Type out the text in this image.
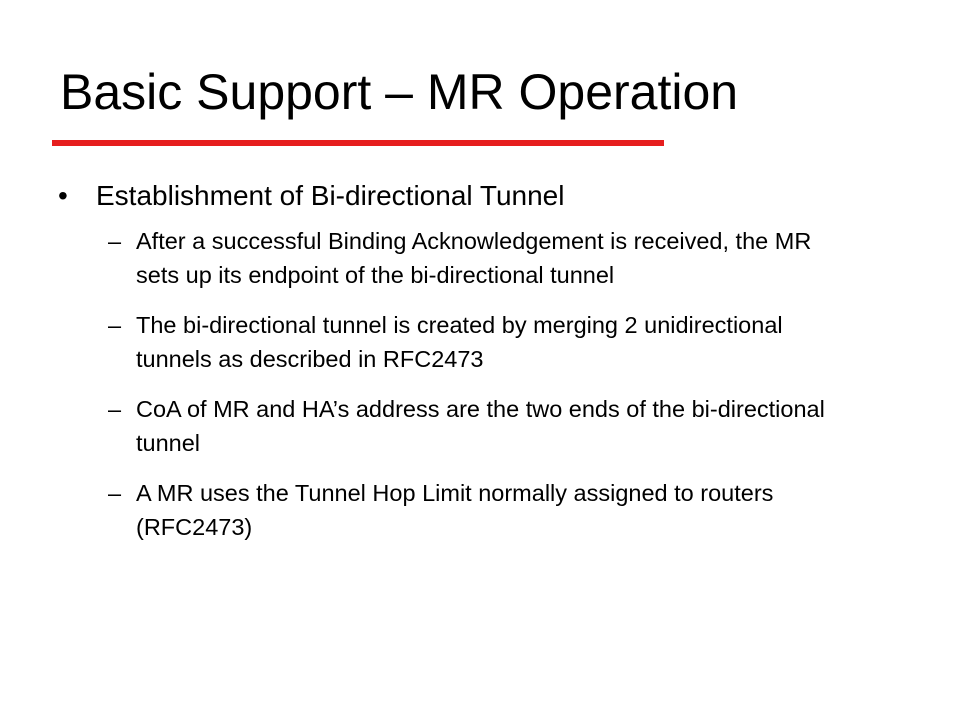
Basic Support – MR Operation
• Establishment of Bi-directional Tunnel
– After a successful Binding Acknowledgement is received, the MR sets up its endpoint of the bi-directional tunnel
– The bi-directional tunnel is created by merging 2 unidirectional tunnels as described in RFC2473
– CoA of MR and HA’s address are the two ends of the bi-directional tunnel
– A MR uses the Tunnel Hop Limit normally assigned to routers (RFC2473)
